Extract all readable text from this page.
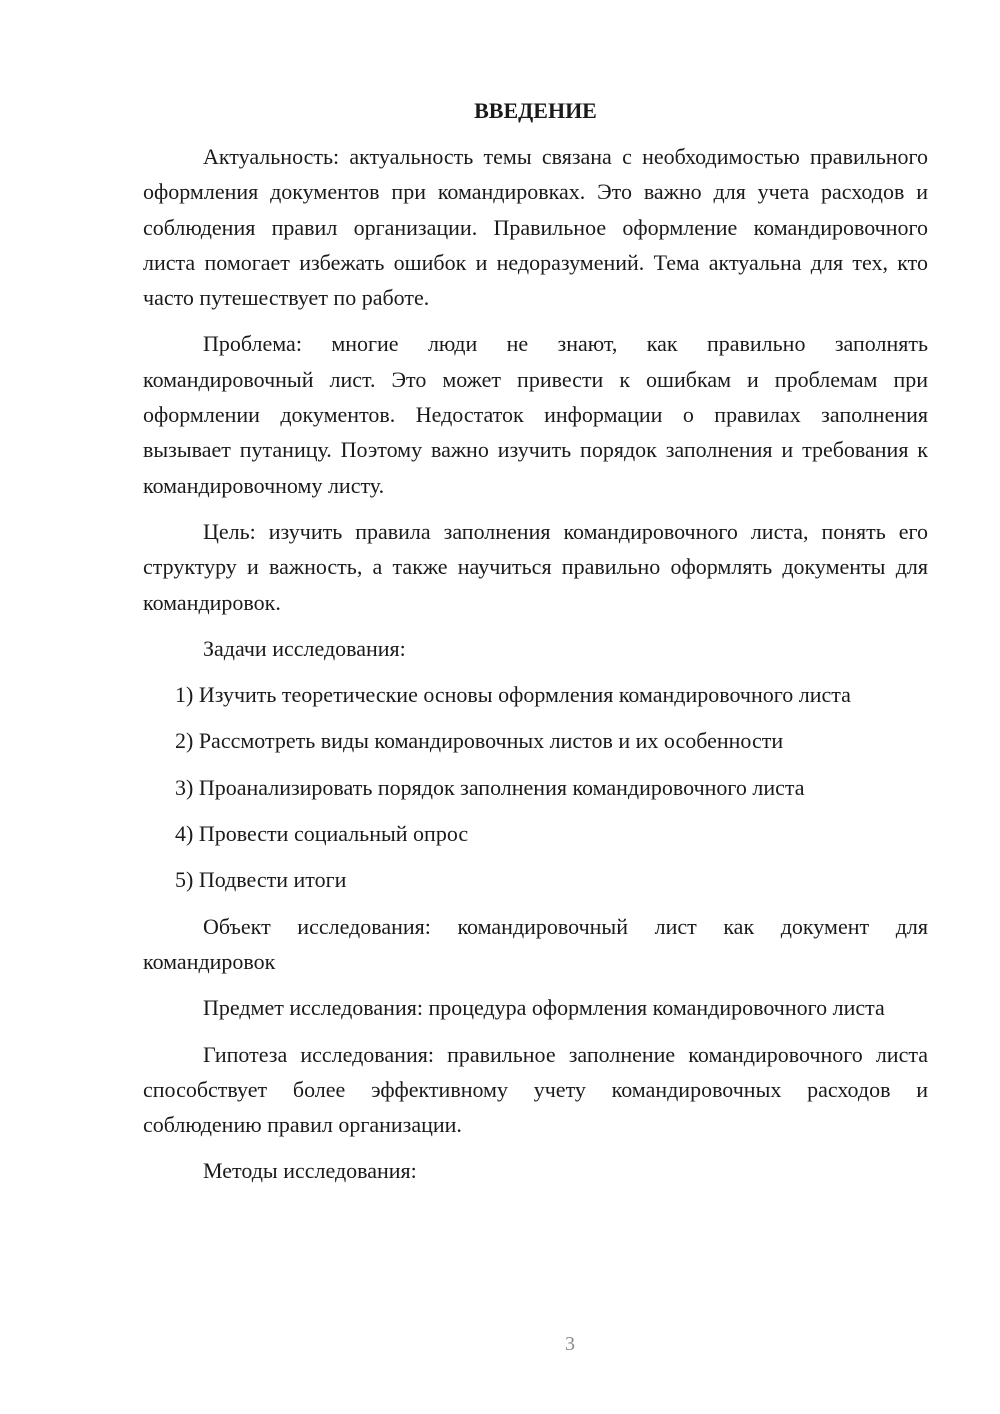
ВВЕДЕНИЕ

Актуальность: актуальность темы связана с необходимостью правильного оформления документов при командировках. Это важно для учета расходов и соблюдения правил организации. Правильное оформление командировочного листа помогает избежать ошибок и недоразумений. Тема актуальна для тех, кто часто путешествует по работе.

Проблема: многие люди не знают, как правильно заполнять командировочный лист. Это может привести к ошибкам и проблемам при оформлении документов. Недостаток информации о правилах заполнения вызывает путаницу. Поэтому важно изучить порядок заполнения и требования к командировочному листу.

Цель: изучить правила заполнения командировочного листа, понять его структуру и важность, а также научиться правильно оформлять документы для командировок.

Задачи исследования:

1) Изучить теоретические основы оформления командировочного листа

2) Рассмотреть виды командировочных листов и их особенности

3) Проанализировать порядок заполнения командировочного листа

4) Провести социальный опрос

5) Подвести итоги

Объект исследования: командировочный лист как документ для командировок

Предмет исследования: процедура оформления командировочного листа

Гипотеза исследования: правильное заполнение командировочного листа способствует более эффективному учету командировочных расходов и соблюдению правил организации.

Методы исследования:

3
